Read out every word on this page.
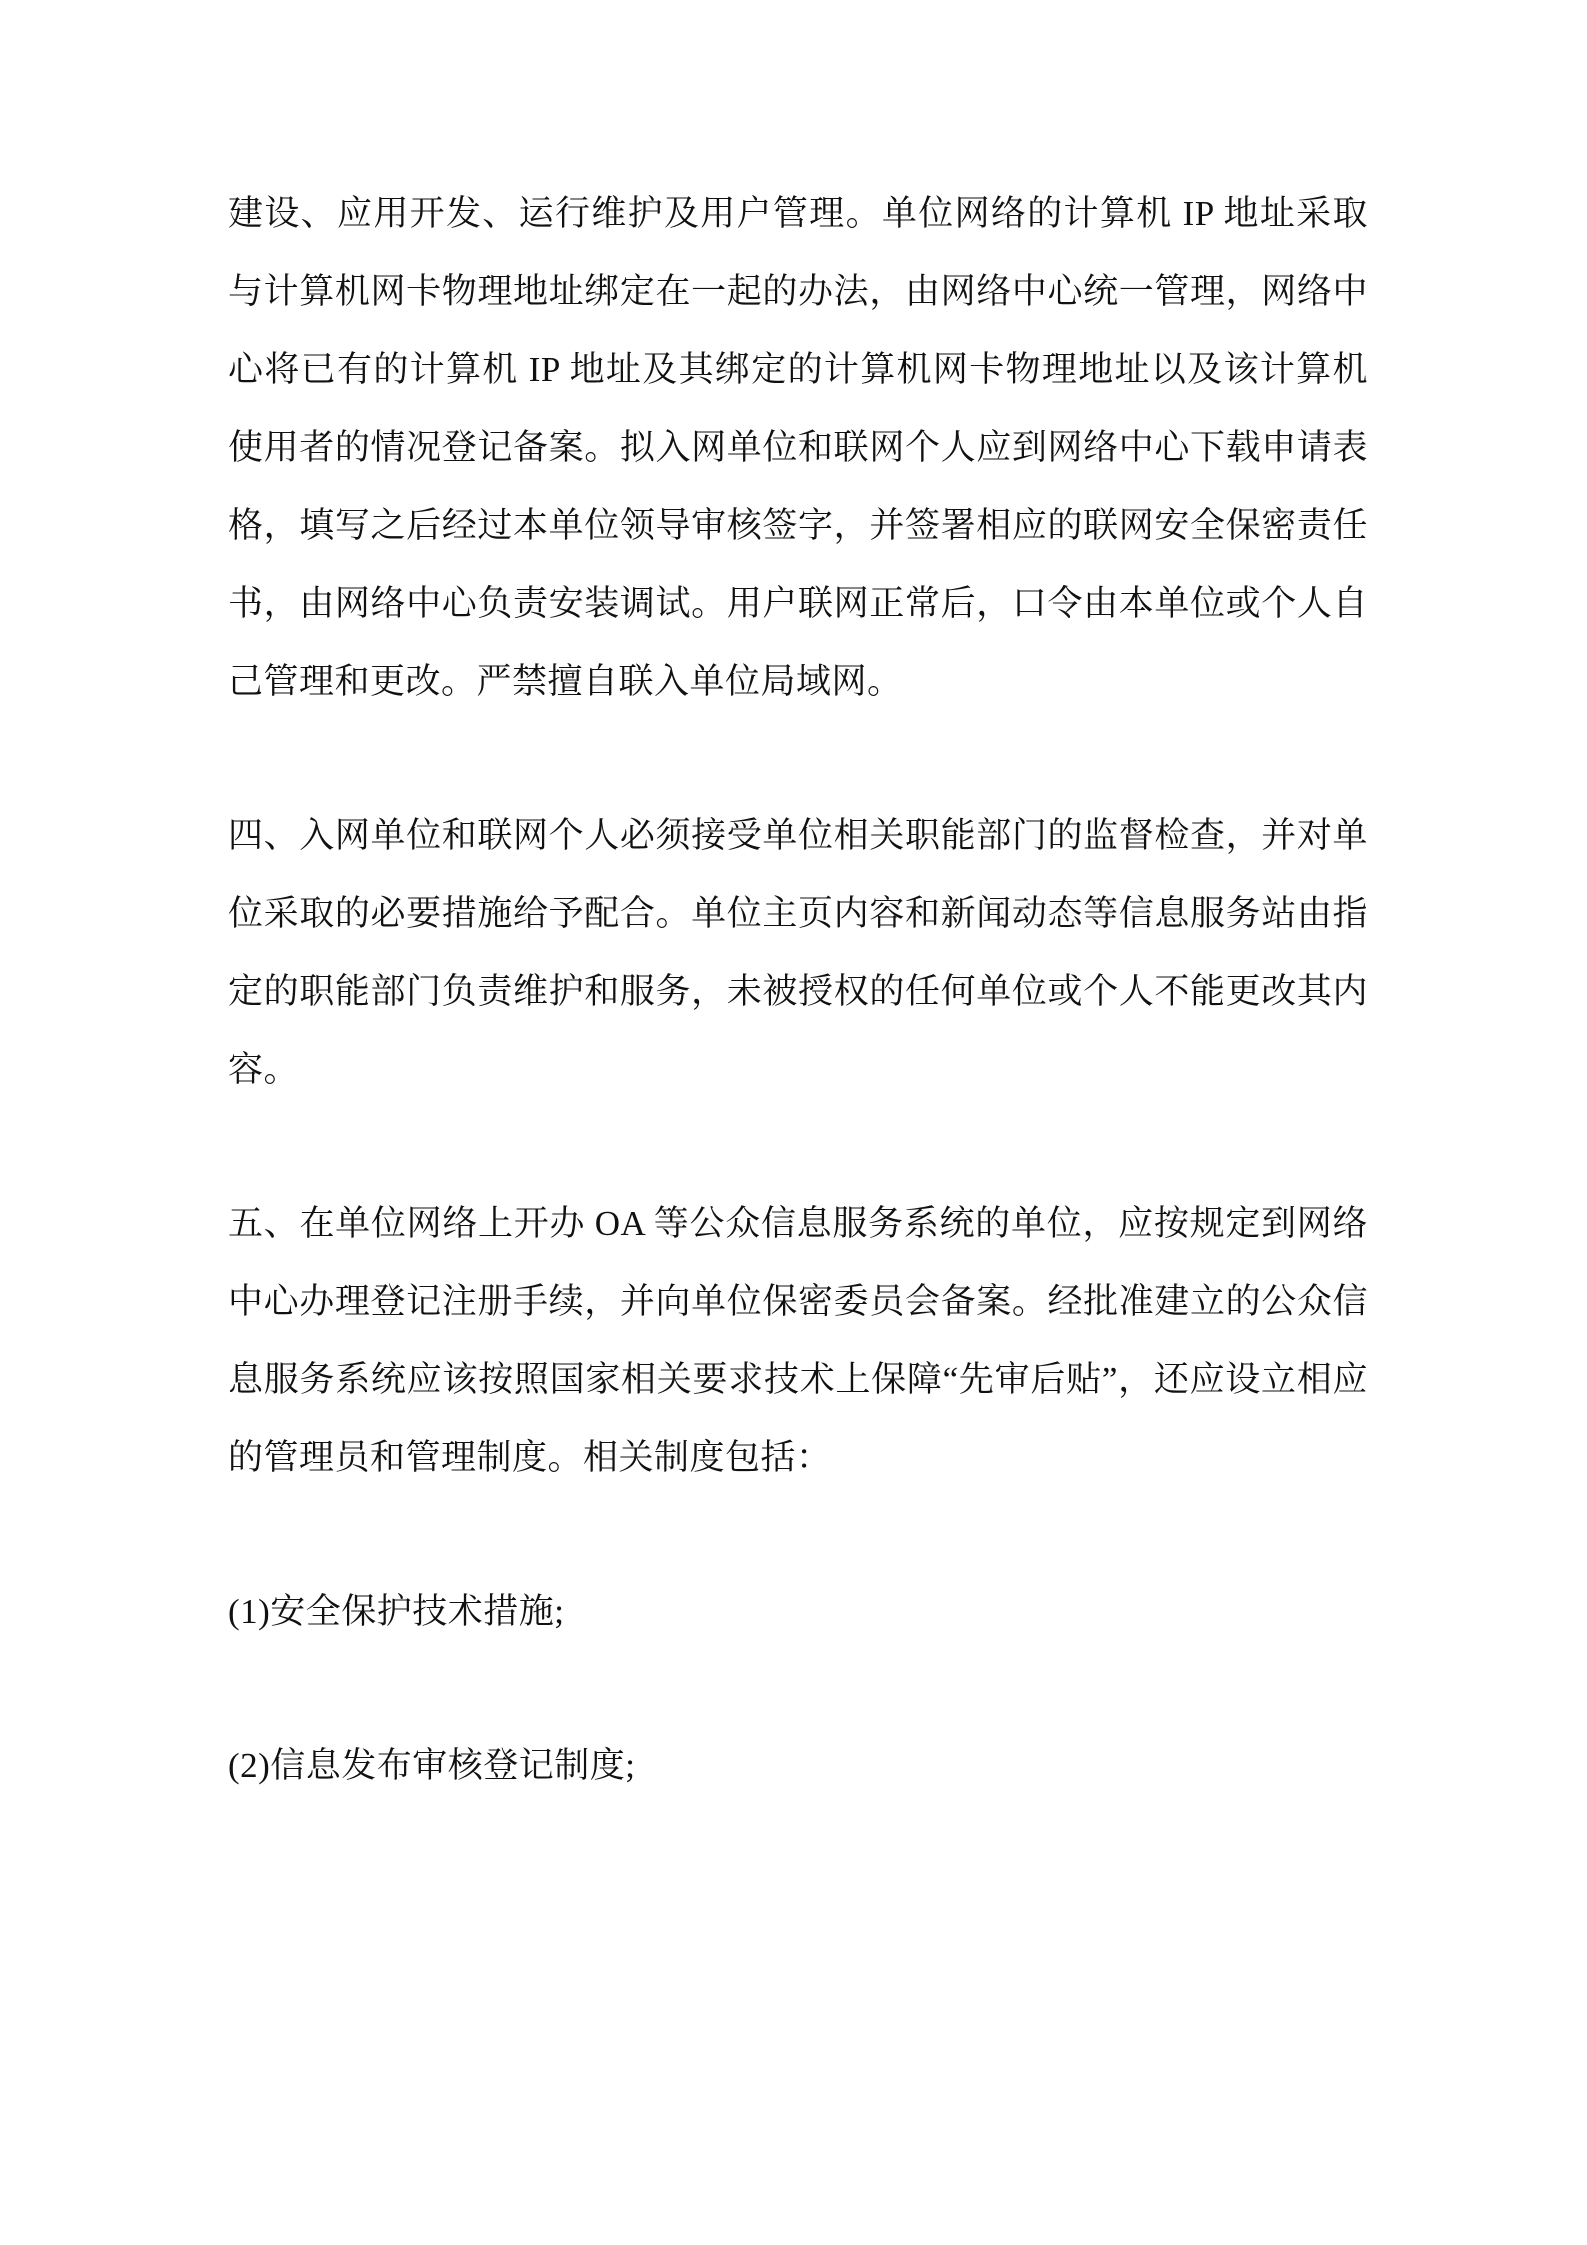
建设、应用开发、运行维护及用户管理。单位网络的计算机 IP 地址采取与计算机网卡物理地址绑定在一起的办法，由网络中心统一管理，网络中心将已有的计算机 IP 地址及其绑定的计算机网卡物理地址以及该计算机使用者的情况登记备案。拟入网单位和联网个人应到网络中心下载申请表格，填写之后经过本单位领导审核签字，并签署相应的联网安全保密责任书，由网络中心负责安装调试。用户联网正常后，口令由本单位或个人自己管理和更改。严禁擅自联入单位局域网。

四、入网单位和联网个人必须接受单位相关职能部门的监督检查，并对单位采取的必要措施给予配合。单位主页内容和新闻动态等信息服务站由指定的职能部门负责维护和服务，未被授权的任何单位或个人不能更改其内容。

五、在单位网络上开办 OA 等公众信息服务系统的单位，应按规定到网络中心办理登记注册手续，并向单位保密委员会备案。经批准建立的公众信息服务系统应该按照国家相关要求技术上保障“先审后贴”，还应设立相应的管理员和管理制度。相关制度包括：

(1)安全保护技术措施;

(2)信息发布审核登记制度;
